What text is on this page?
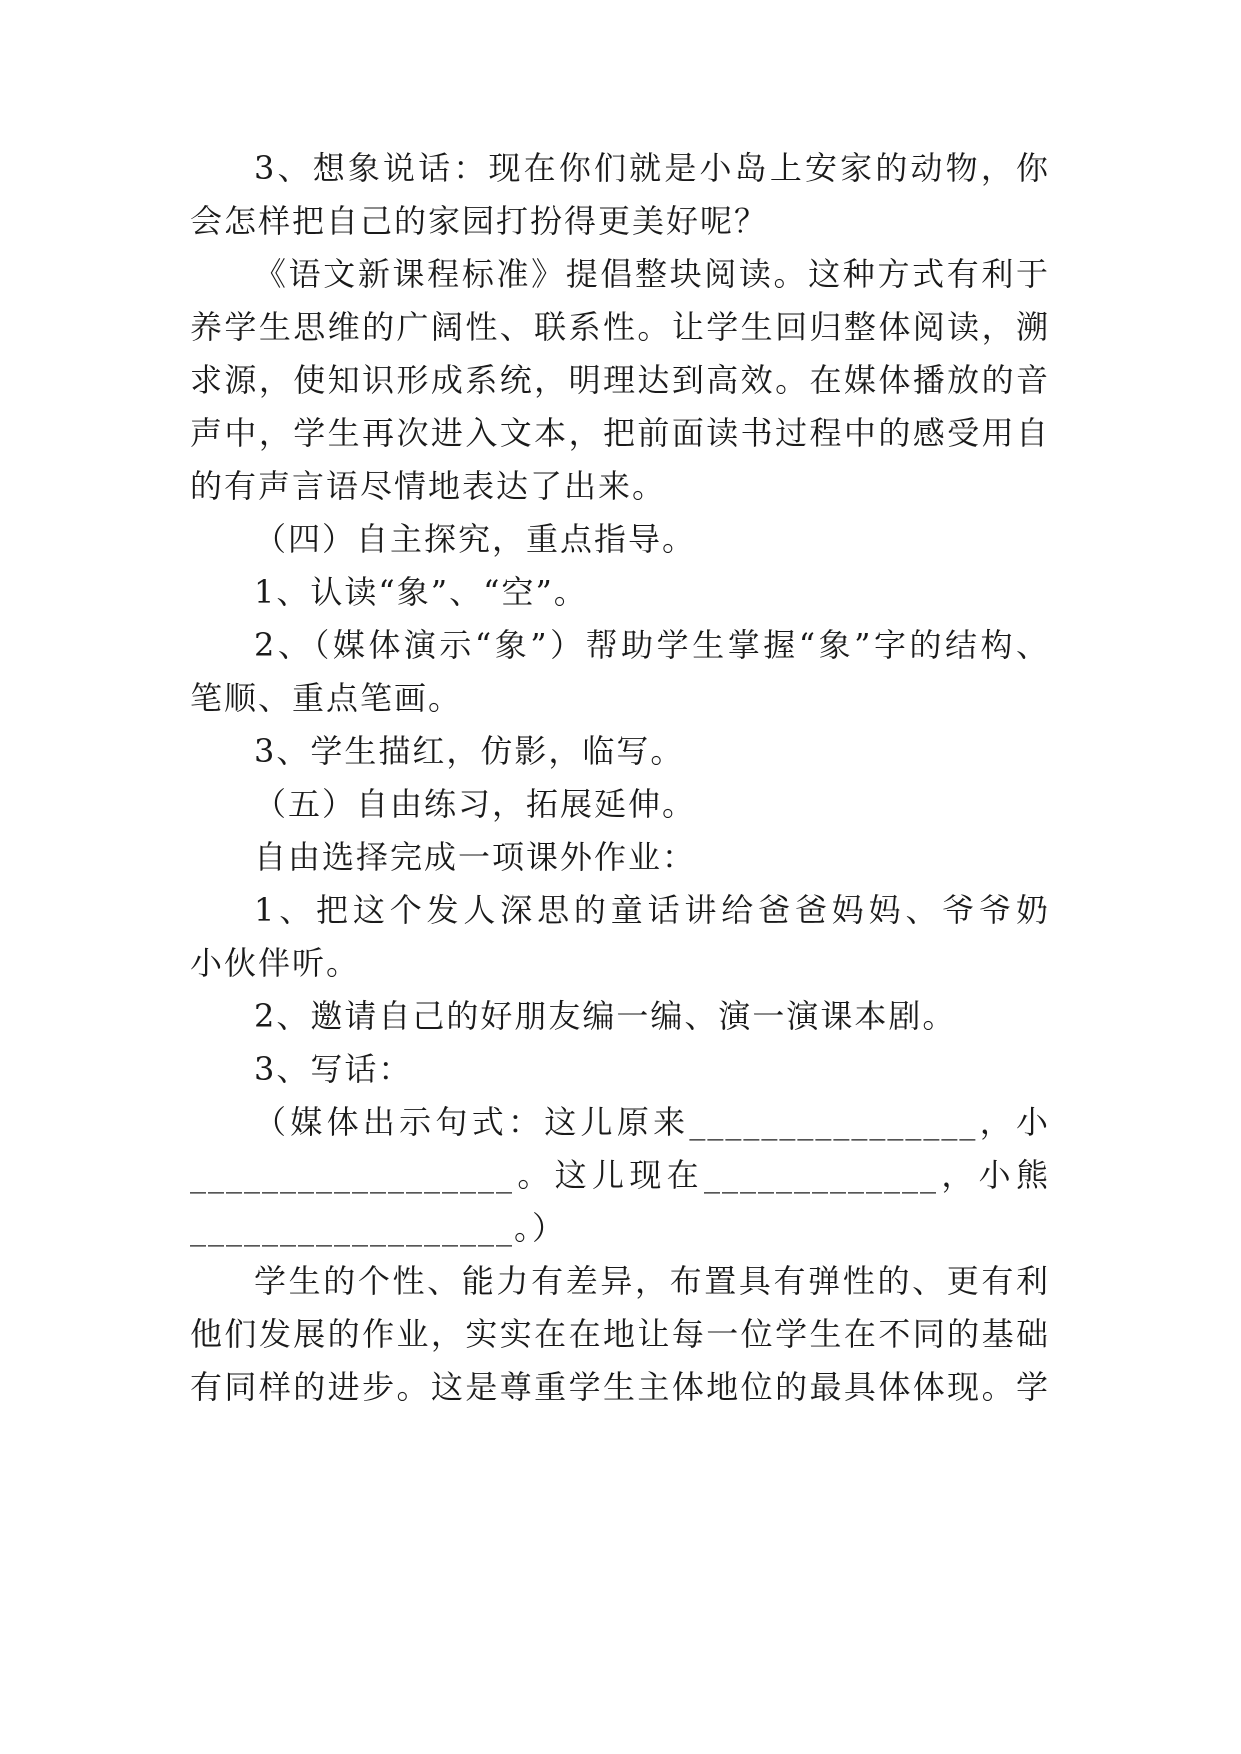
3、想象说话：现在你们就是小岛上安家的动物，你
会怎样把自己的家园打扮得更美好呢？
《语文新课程标准》提倡整块阅读。这种方式有利于
养学生思维的广阔性、联系性。让学生回归整体阅读，溯
求源，使知识形成系统，明理达到高效。在媒体播放的音
声中，学生再次进入文本，把前面读书过程中的感受用自
的有声言语尽情地表达了出来。
（四）自主探究，重点指导。
1、认读“象”、“空”。
2、（媒体演示“象”）帮助学生掌握“象”字的结构、
笔顺、重点笔画。
3、学生描红，仿影，临写。
（五）自由练习，拓展延伸。
自由选择完成一项课外作业：
1、把这个发人深思的童话讲给爸爸妈妈、爷爷奶
小伙伴听。
2、邀请自己的好朋友编一编、演一演课本剧。
3、写话：
（媒体出示句式：这儿原来________________，小
__________________。这儿现在_____________，小熊
__________________。）
学生的个性、能力有差异，布置具有弹性的、更有利
他们发展的作业，实实在在地让每一位学生在不同的基础
有同样的进步。这是尊重学生主体地位的最具体体现。学
